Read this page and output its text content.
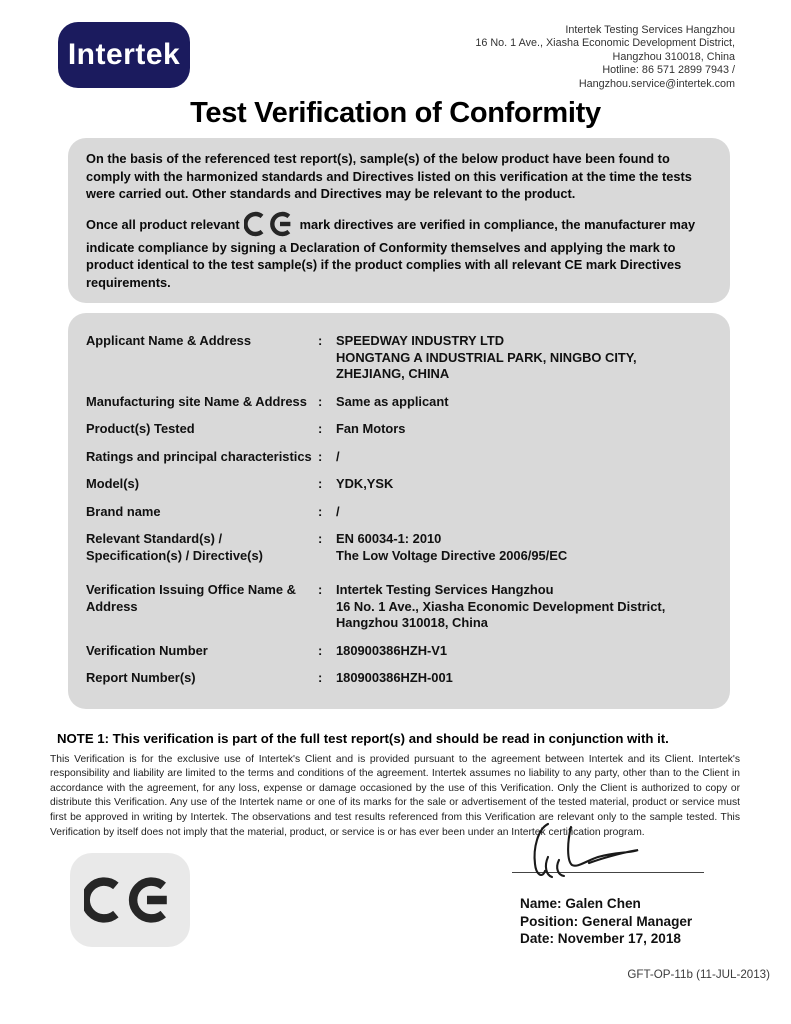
Intertek
Intertek Testing Services Hangzhou
16 No. 1 Ave., Xiasha Economic Development District,
Hangzhou 310018, China
Hotline: 86 571 2899 7943 /
Hangzhou.service@intertek.com
Test Verification of Conformity

On the basis of the referenced test report(s), sample(s) of the below product have been found to comply with the harmonized standards and Directives listed on this verification at the time the tests were carried out. Other standards and Directives may be relevant to the product.

Once all product relevant	mark directives are verified in compliance, the manufacturer may indicate compliance by signing a Declaration of Conformity themselves and applying the mark to product identical to the test sample(s) if the product complies with all relevant CE mark Directives requirements.

Applicant Name & Address	:	SPEEDWAY INDUSTRY LTD
HONGTANG A INDUSTRIAL PARK, NINGBO CITY,
ZHEJIANG, CHINA
Manufacturing site Name & Address :	Same as applicant
Product(s) Tested	:	Fan Motors
Ratings and principal characteristics :	/
Model(s)	:	YDK,YSK
Brand name	:	/
Relevant Standard(s) / Specification(s) / Directive(s)
:	EN 60034-1: 2010
The Low Voltage Directive 2006/95/EC
Verification Issuing Office Name & Address
:	Intertek Testing Services Hangzhou
16 No. 1 Ave., Xiasha Economic Development District,
Hangzhou 310018, China
Verification Number	:	180900386HZH-V1
Report Number(s)	:	180900386HZH-001

NOTE 1: This verification is part of the full test report(s) and should be read in conjunction with it.

This Verification is for the exclusive use of Intertek's Client and is provided pursuant to the agreement between Intertek and its Client. Intertek's responsibility and liability are limited to the terms and conditions of the agreement. Intertek assumes no liability to any party, other than to the Client in accordance with the agreement, for any loss, expense or damage occasioned by the use of this Verification. Only the Client is authorized to copy or distribute this Verification. Any use of the Intertek name or one of its marks for the sale or advertisement of the tested material, product or service must first be approved in writing by Intertek. The observations and test results referenced from this Verification are relevant only to the sample tested. This Verification by itself does not imply that the material, product, or service is or has ever been under an Intertek certification program.

Name: Galen Chen
Position: General Manager
Date: November 17, 2018
GFT-OP-11b (11-JUL-2013)
